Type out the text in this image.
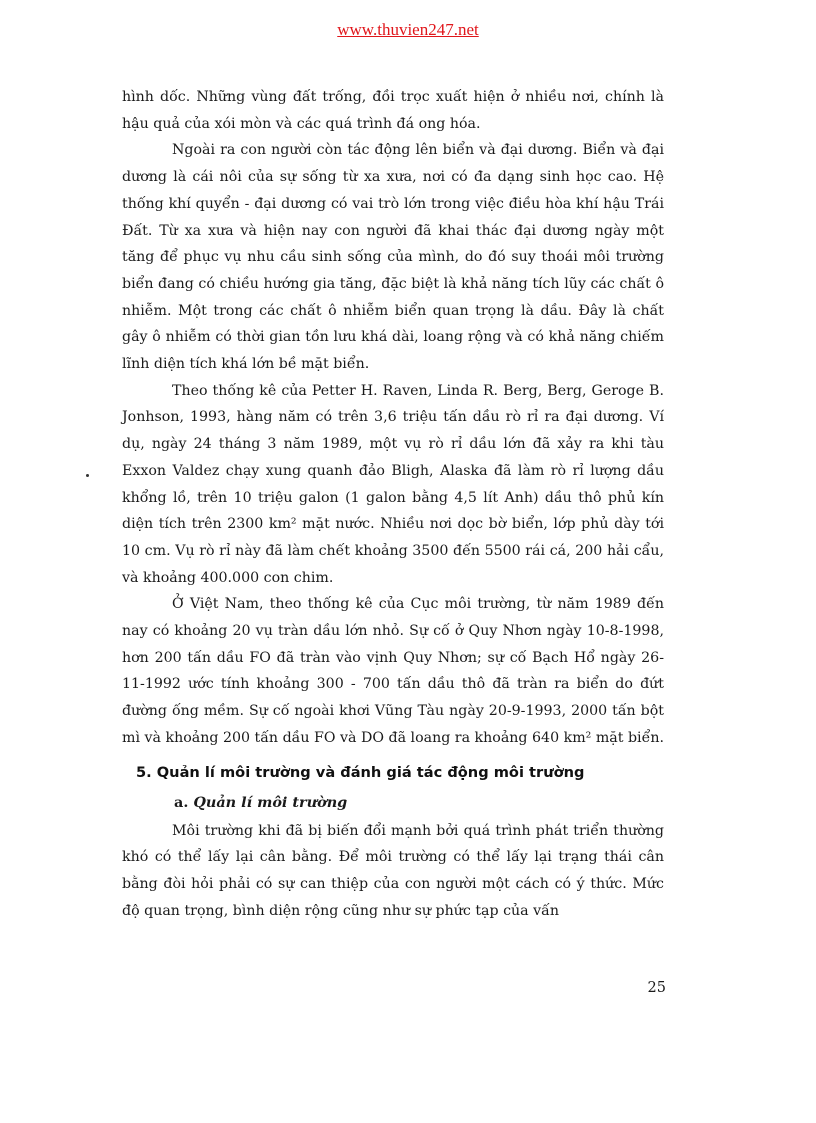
www.thuvien247.net

hình dốc. Những vùng đất trống, đồi trọc xuất hiện ở nhiều nơi, chính là hậu quả của xói mòn và các quá trình đá ong hóa.

Ngoài ra con người còn tác động lên biển và đại dương. Biển và đại dương là cái nôi của sự sống từ xa xưa, nơi có đa dạng sinh học cao. Hệ thống khí quyển - đại dương có vai trò lớn trong việc điều hòa khí hậu Trái Đất. Từ xa xưa và hiện nay con người đã khai thác đại dương ngày một tăng để phục vụ nhu cầu sinh sống của mình, do đó suy thoái môi trường biển đang có chiều hướng gia tăng, đặc biệt là khả năng tích lũy các chất ô nhiễm. Một trong các chất ô nhiễm biển quan trọng là dầu. Đây là chất gây ô nhiễm có thời gian tồn lưu khá dài, loang rộng và có khả năng chiếm lĩnh diện tích khá lớn bề mặt biển.

Theo thống kê của Petter H. Raven, Linda R. Berg, Berg, Geroge B. Jonhson, 1993, hàng năm có trên 3,6 triệu tấn dầu rò rỉ ra đại dương. Ví dụ, ngày 24 tháng 3 năm 1989, một vụ rò rỉ dầu lớn đã xảy ra khi tàu Exxon Valdez chạy xung quanh đảo Bligh, Alaska đã làm rò rỉ lượng dầu khổng lồ, trên 10 triệu galon (1 galon bằng 4,5 lít Anh) dầu thô phủ kín diện tích trên 2300 km² mặt nước. Nhiều nơi dọc bờ biển, lớp phủ dày tới 10 cm. Vụ rò rỉ này đã làm chết khoảng 3500 đến 5500 rái cá, 200 hải cẩu, và khoảng 400.000 con chim.

Ở Việt Nam, theo thống kê của Cục môi trường, từ năm 1989 đến nay có khoảng 20 vụ tràn dầu lớn nhỏ. Sự cố ở Quy Nhơn ngày 10-8-1998, hơn 200 tấn dầu FO đã tràn vào vịnh Quy Nhơn; sự cố Bạch Hổ ngày 26-11-1992 ước tính khoảng 300 - 700 tấn dầu thô đã tràn ra biển do đứt đường ống mềm. Sự cố ngoài khơi Vũng Tàu ngày 20-9-1993, 2000 tấn bột mì và khoảng 200 tấn dầu FO và DO đã loang ra khoảng 640 km² mặt biển.

5. Quản lí môi trường và đánh giá tác động môi trường
a. Quản lí môi trường

Môi trường khi đã bị biến đổi mạnh bởi quá trình phát triển thường khó có thể lấy lại cân bằng. Để môi trường có thể lấy lại trạng thái cân bằng đòi hỏi phải có sự can thiệp của con người một cách có ý thức. Mức độ quan trọng, bình diện rộng cũng như sự phức tạp của vấn

25
